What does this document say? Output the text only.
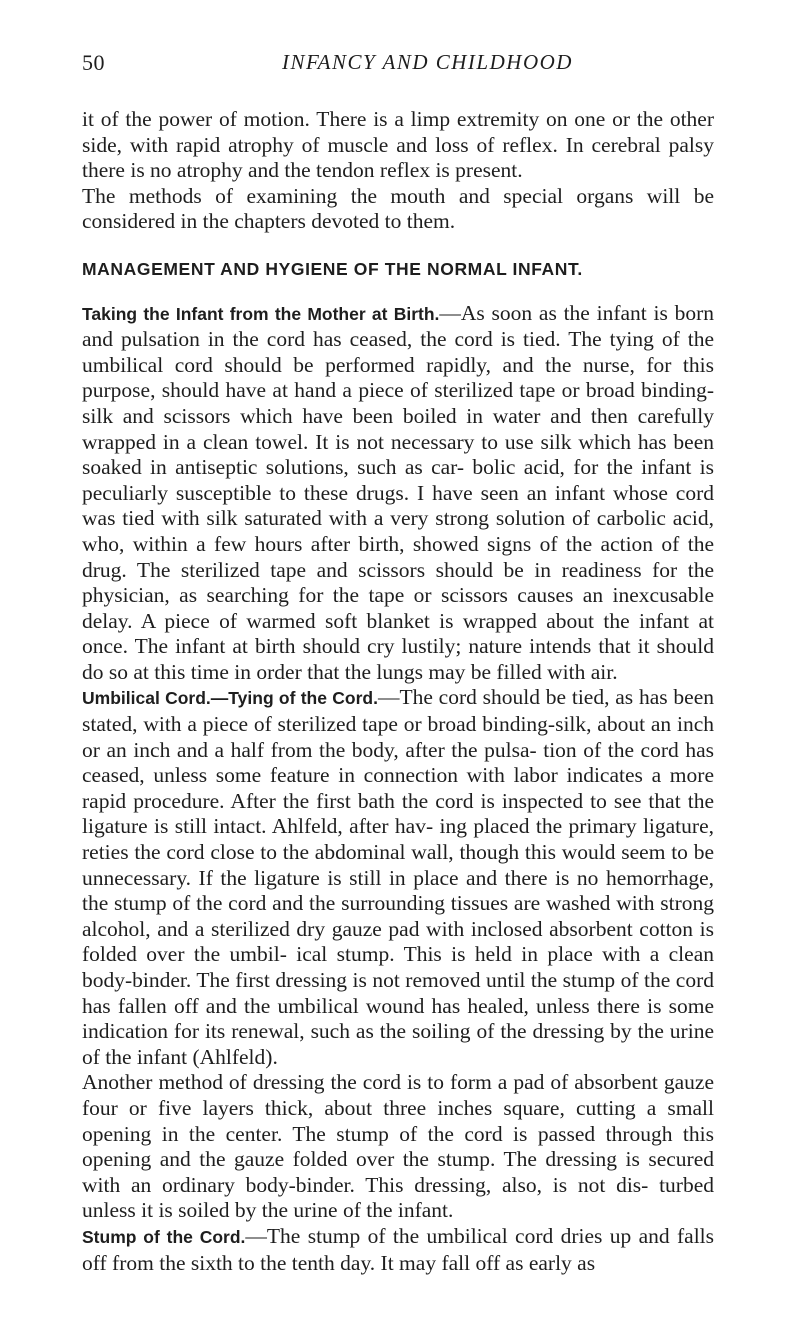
50	INFANCY AND CHILDHOOD

it of the power of motion. There is a limp extremity on one or the other side, with rapid atrophy of muscle and loss of reflex. In cerebral palsy there is no atrophy and the tendon reflex is present.

The methods of examining the mouth and special organs will be considered in the chapters devoted to them.

MANAGEMENT AND HYGIENE OF THE NORMAL INFANT.

Taking the Infant from the Mother at Birth.—As soon as the infant is born and pulsation in the cord has ceased, the cord is tied. The tying of the umbilical cord should be performed rapidly, and the nurse, for this purpose, should have at hand a piece of sterilized tape or broad binding-silk and scissors which have been boiled in water and then carefully wrapped in a clean towel. It is not necessary to use silk which has been soaked in antiseptic solutions, such as car- bolic acid, for the infant is peculiarly susceptible to these drugs. I have seen an infant whose cord was tied with silk saturated with a very strong solution of carbolic acid, who, within a few hours after birth, showed signs of the action of the drug. The sterilized tape and scissors should be in readiness for the physician, as searching for the tape or scissors causes an inexcusable delay. A piece of warmed soft blanket is wrapped about the infant at once. The infant at birth should cry lustily; nature intends that it should do so at this time in order that the lungs may be filled with air.

Umbilical Cord.—Tying of the Cord.—The cord should be tied, as has been stated, with a piece of sterilized tape or broad binding-silk, about an inch or an inch and a half from the body, after the pulsa- tion of the cord has ceased, unless some feature in connection with labor indicates a more rapid procedure. After the first bath the cord is inspected to see that the ligature is still intact. Ahlfeld, after hav- ing placed the primary ligature, reties the cord close to the abdominal wall, though this would seem to be unnecessary. If the ligature is still in place and there is no hemorrhage, the stump of the cord and the surrounding tissues are washed with strong alcohol, and a sterilized dry gauze pad with inclosed absorbent cotton is folded over the umbil- ical stump. This is held in place with a clean body-binder. The first dressing is not removed until the stump of the cord has fallen off and the umbilical wound has healed, unless there is some indication for its renewal, such as the soiling of the dressing by the urine of the infant (Ahlfeld).

Another method of dressing the cord is to form a pad of absorbent gauze four or five layers thick, about three inches square, cutting a small opening in the center. The stump of the cord is passed through this opening and the gauze folded over the stump. The dressing is secured with an ordinary body-binder. This dressing, also, is not dis- turbed unless it is soiled by the urine of the infant.

Stump of the Cord.—The stump of the umbilical cord dries up and falls off from the sixth to the tenth day. It may fall off as early as
